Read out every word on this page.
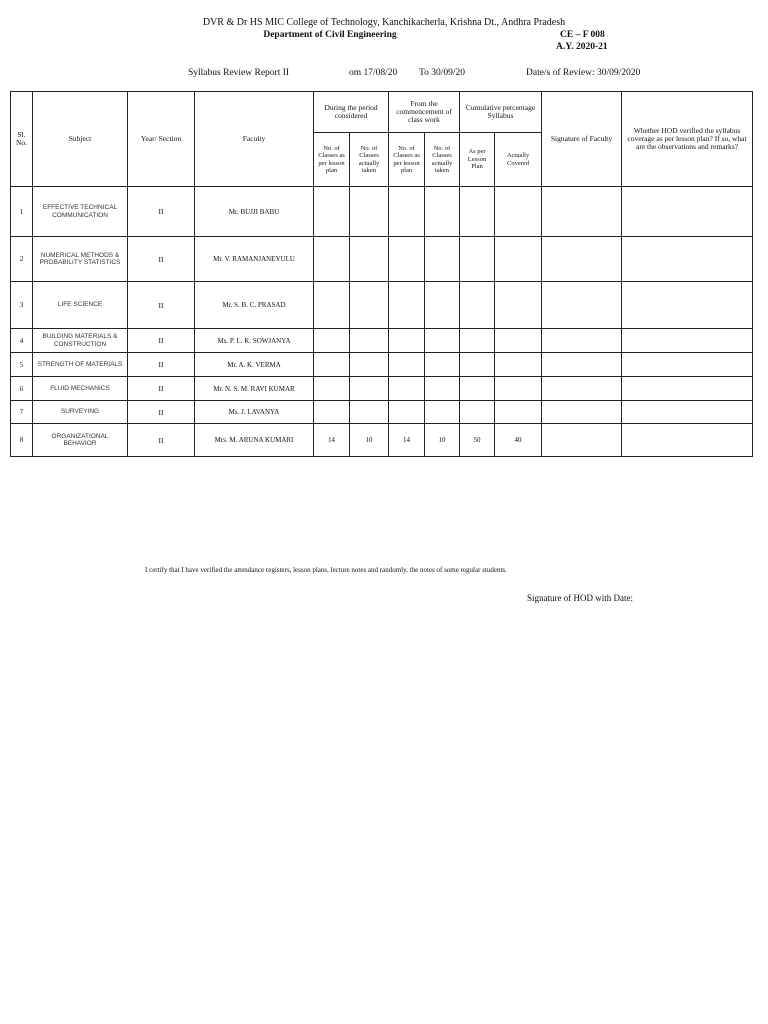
DVR & Dr HS MIC College of Technology, Kanchikacherla, Krishna Dt., Andhra Pradesh
Department of Civil Engineering	CE – F 008
A.Y. 2020-21
Syllabus Review Report II	om 17/08/20 To 30/09/20	Date/s of Review: 30/09/2020
Sl. No.	Subject	Year/ Section	Faculty	During the period considered		From the commencement of class work		Cumulative percentage Syllabus		Signature of Faculty	Whether HOD verified the syllabus coverage as per lesson plan? If so, what are the observations and remarks?
				No. of Classes as per lesson plan	No. of Classes actually taken	No. of Classes as per lesson plan	No. of Classes actually taken	As per Lesson Plan	Actually Covered		
1	EFFECTIVE TECHNICAL COMMUNICATION	II	Mr. BUJJI BABU								
2	NUMERICAL METHODS & PROBABILITY STATISTICS	II	Mr. V. RAMANJANEYULU								
3	LIFE SCIENCE	II	Mr. S. B. C. PRASAD								
4	BUILDING MATERIALS & CONSTRUCTION	II	Ms. P. L. K. SOWJANYA								
5	STRENGTH OF MATERIALS	II	Mr. A. K. VERMA								
6	FLUID MECHANICS	II	Mr. N. S. M. RAVI KUMAR								
7	SURVEYING	II	Ms. J. LAVANYA								
8	ORGANIZATIONAL BEHAVIOR	II	Mrs. M. ARUNA KUMARI	14	10	14	10	50	40		
I certify that I have verified the attendance registers, lesson plans, lecture notes and randomly, the notes of some regular students.
Signature of HOD with Date:
